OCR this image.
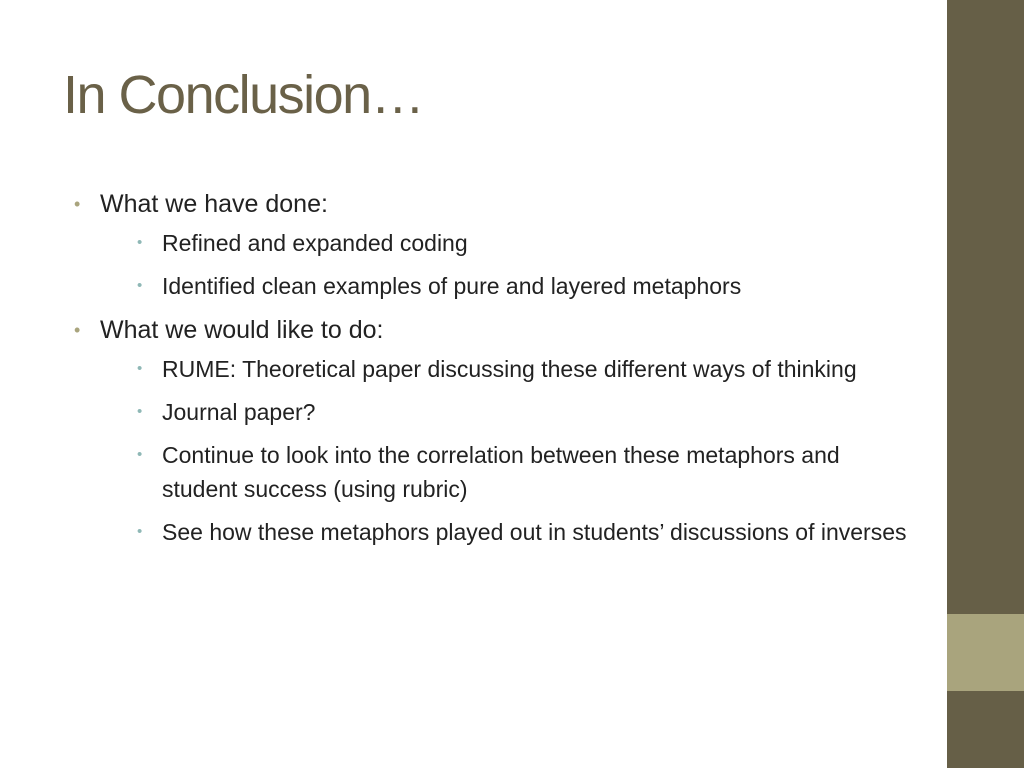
In Conclusion…
• What we have done:
• Refined and expanded coding
• Identified clean examples of pure and layered metaphors
• What we would like to do:
• RUME: Theoretical paper discussing these different ways of thinking
• Journal paper?
• Continue to look into the correlation between these metaphors and student success (using rubric)
• See how these metaphors played out in students’ discussions of inverses
